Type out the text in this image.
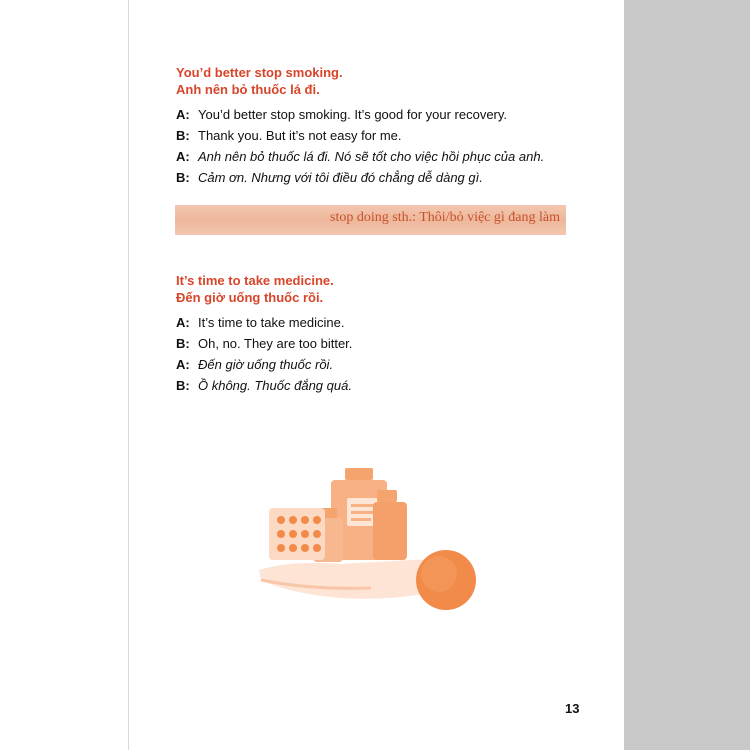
You’d better stop smoking.
Anh nên bỏ thuốc lá đi.
A: You’d better stop smoking. It’s good for your recovery.
B: Thank you. But it’s not easy for me.
A: Anh nên bỏ thuốc lá đi. Nó sẽ tốt cho việc hồi phục của anh.
B: Cảm ơn. Nhưng với tôi điều đó chẳng dễ dàng gì.
stop doing sth.: Thôi/bỏ việc gì đang làm
It’s time to take medicine.
Đến giờ uống thuốc rồi.
A: It’s time to take medicine.
B: Oh, no. They are too bitter.
A: Đến giờ uống thuốc rồi.
B: Ồ không. Thuốc đắng quá.
13
